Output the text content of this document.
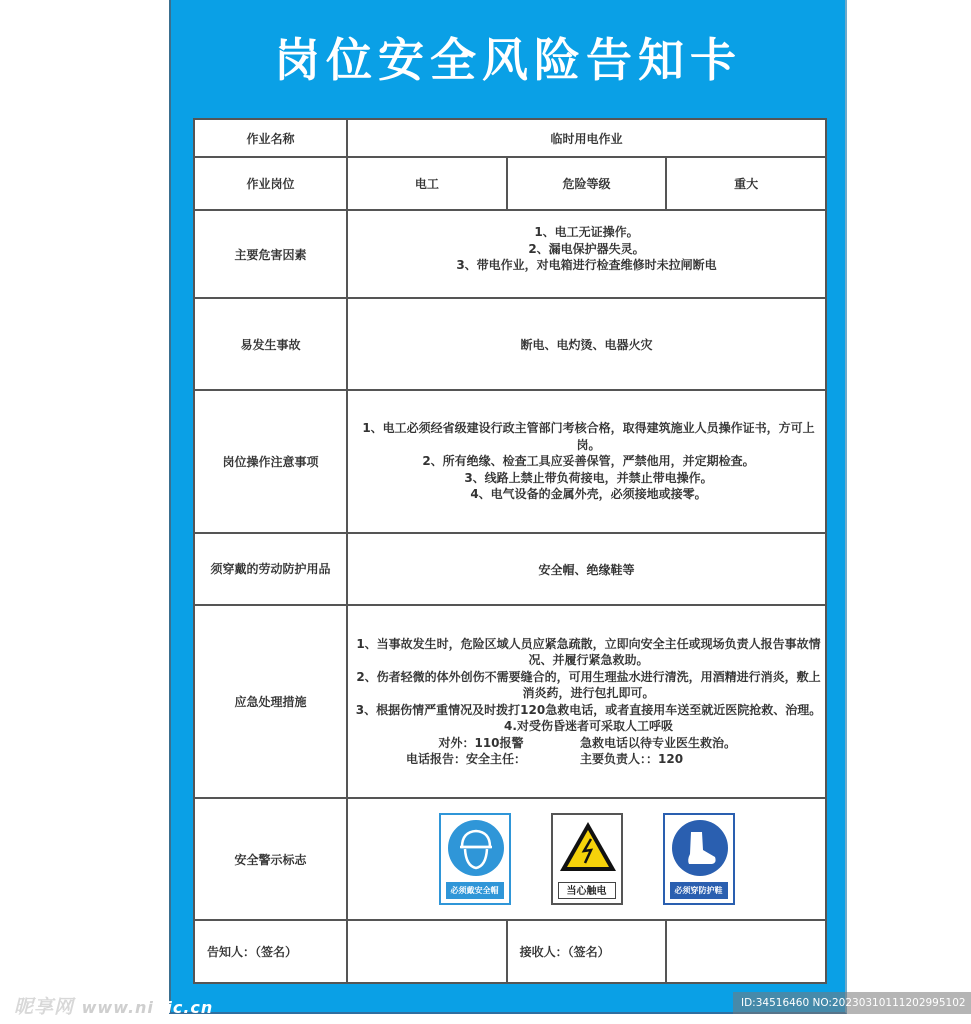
岗位安全风险告知卡
作业名称	临时用电作业		
作业岗位	电工	危险等级	重大
主要危害因素	1、电工无证操作。
2、漏电保护器失灵。
3、带电作业，对电箱进行检查维修时未拉闸断电		

易发生事故	断电、电灼烫、电器火灾		
岗位操作注意事项	1、电工必须经省级建设行政主管部门考核合格，取得建筑施业人员操作证书，方可上岗。
2、所有绝缘、检查工具应妥善保管，严禁他用，并定期检查。
3、线路上禁止带负荷接电，并禁止带电操作。
4、电气设备的金属外壳，必须接地或接零。		

须穿戴的劳动防护用品	安全帽、绝缘鞋等		
应急处理措施	
1、当事故发生时，危险区域人员应紧急疏散，立即向安全主任或现场负责人报告事故情况、并履行紧急救助。
2、伤者轻微的体外创伤不需要缝合的，可用生理盐水进行清洗，用酒精进行消炎，敷上消炎药，进行包扎即可。
3、根据伤情严重情况及时拨打120急救电话，或者直接用车送至就近医院抢救、治理。
4.对受伤昏迷者可采取人工呼吸
对外：110报警	急救电话以待专业医生救治。
电话报告：安全主任：	主要负责人：：120

安全警示标志	必须戴安全帽 当心触电 必须穿防护鞋		

告知人：（签名）		接收人：（签名）	
昵享网 www.nipic.cn	ID:34516460 NO:20230310111202995102
